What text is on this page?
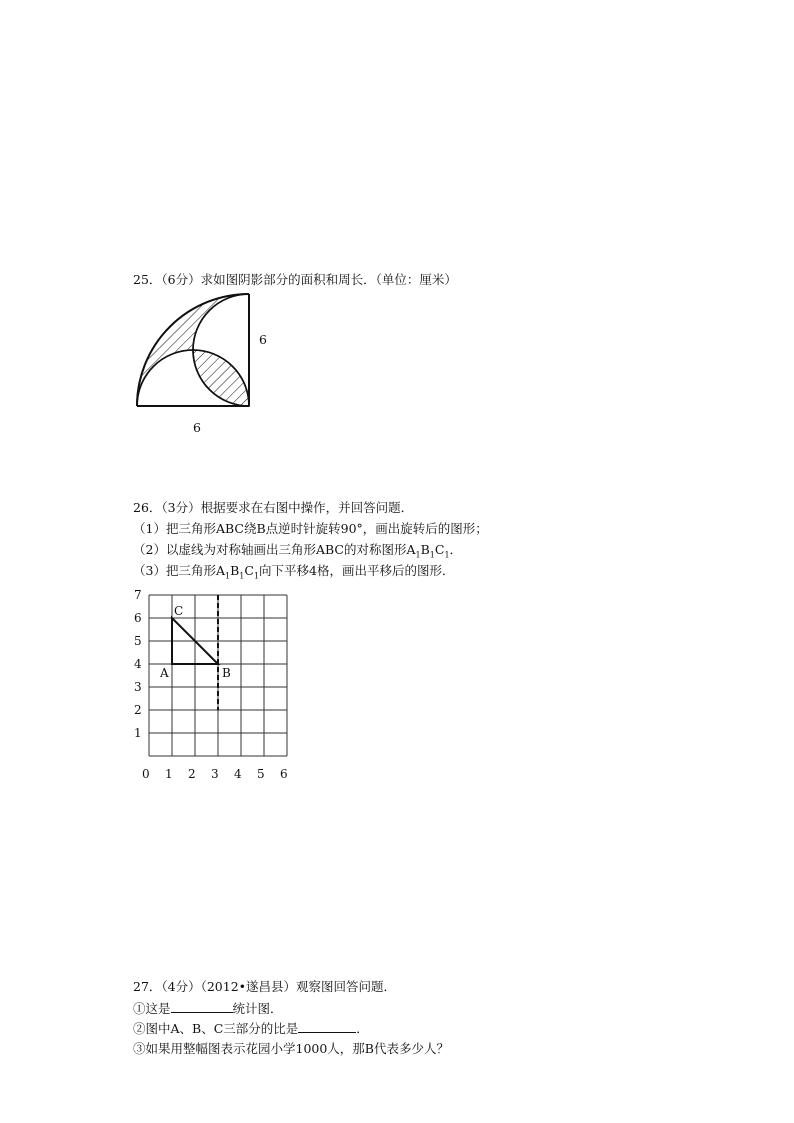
25．（6分）求如图阴影部分的面积和周长．（单位：厘米）
6
6
26．（3分）根据要求在右图中操作，并回答问题．
（1）把三角形ABC绕B点逆时针旋转90°，画出旋转后的图形；
（2）以虚线为对称轴画出三角形ABC的对称图形$A_1B_1C_1$．
（3）把三角形$A_1B_1C_1$向下平移4格，画出平移后的图形．
A	B
C
0 1 2 3 4 5 6
1
2
3
4
5
6
7
27．（4分）（2012•遂昌县）观察图回答问题．
①这是	统计图．
②图中A、B、C三部分的比是	．
③如果用整幅图表示花园小学1000人，那B代表多少人？
